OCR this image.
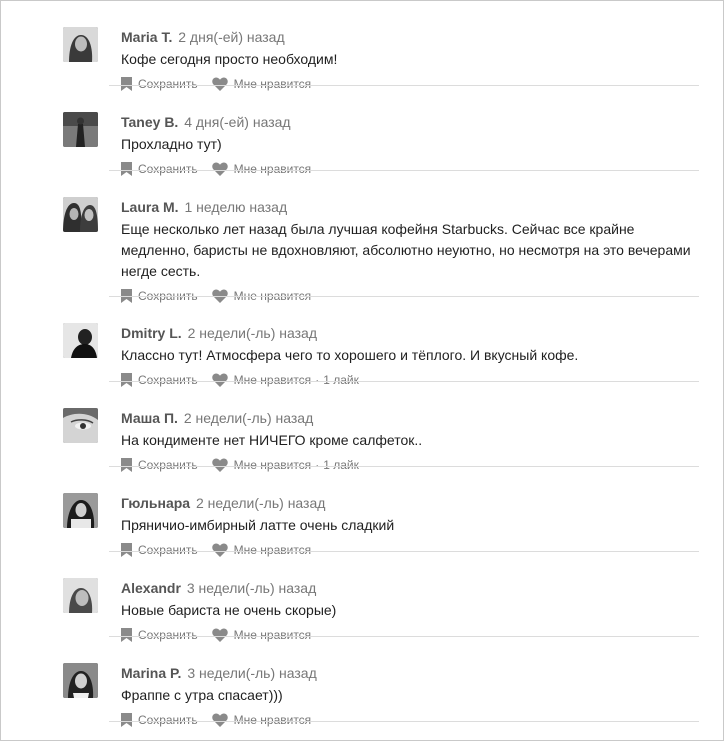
Maria T. 2 дня(-ей) назад
Кофе сегодня просто необходим!
Сохранить	Мне нравится
Taney B. 4 дня(-ей) назад
Прохладно тут)
Сохранить	Мне нравится
Laura M. 1 неделю назад
Еще несколько лет назад была лучшая кофейня Starbucks. Сейчас все крайне медленно, баристы не вдохновляют, абсолютно неуютно, но несмотря на это вечерами негде сесть.
Сохранить	Мне нравится
Dmitry L. 2 недели(-ль) назад
Классно тут! Атмосфера чего то хорошего и тёплого. И вкусный кофе.
Сохранить	Мне нравится	· 1 лайк
Маша П. 2 недели(-ль) назад
На кондименте нет НИЧЕГО кроме салфеток..
Сохранить	Мне нравится	· 1 лайк
Гюльнара 2 недели(-ль) назад
Пряничио-имбирный латте очень сладкий
Сохранить	Мне нравится
Alexandr 3 недели(-ль) назад
Новые бариста не очень скорые)
Сохранить	Мне нравится
Marina P. 3 недели(-ль) назад
Фраппе с утра спасает)))
Сохранить	Мне нравится
